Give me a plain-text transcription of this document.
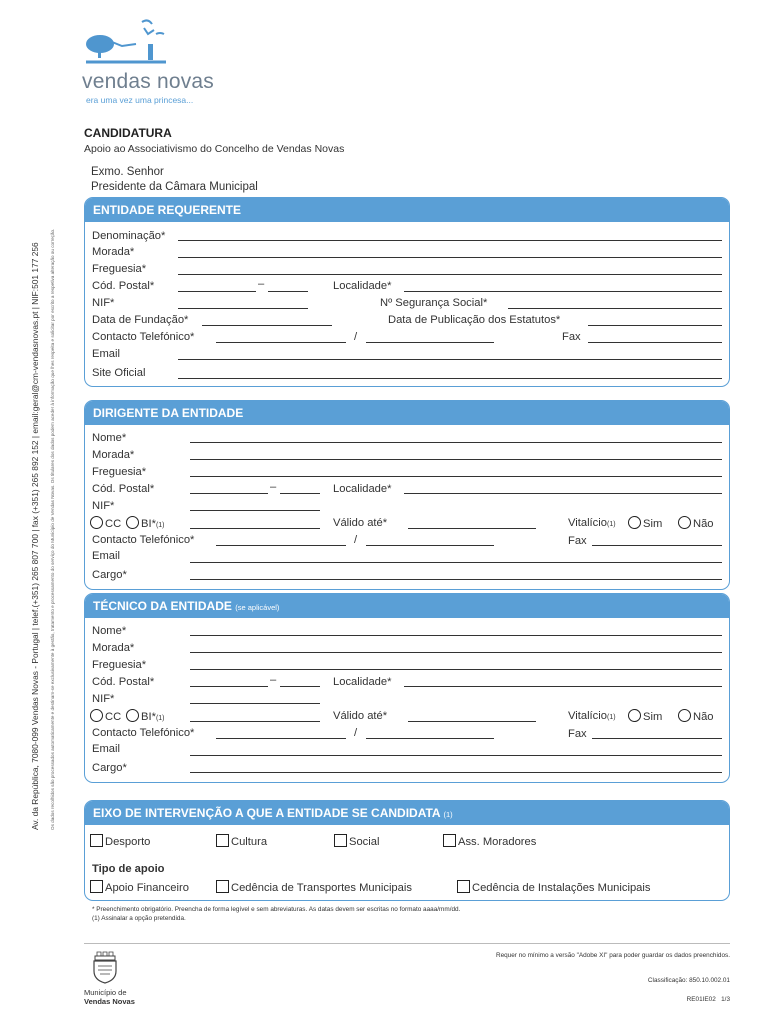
vendas novas
era uma vez uma princesa...
Av. da República, 7080-099 Vendas Novas - Portugal | telef.(+351) 265 807 700 | fax (+351) 265 892 152 | email:geral@cm-vendasnovas.pt | NIF:501 177 256 Os dados recolhidos são processados automaticamente e destinam-se exclusivamente à gestão, tratamento e processamento do serviço do Município de Vendas Novas. Os titulares dos dados podem aceder à informação que lhes respeita e solicitar por escrito a respetiva alteração ou correção.
CANDIDATURA
Apoio ao Associativismo do Concelho de Vendas Novas
Exmo. Senhor
Presidente da Câmara Municipal
ENTIDADE REQUERENTE
Denominação*
Morada*
Freguesia*
Cód. Postal*	–	Localidade*
NIF*	Nº Segurança Social*
Data de Fundação*	Data de Publicação dos Estatutos*
Contacto Telefónico*	/	Fax
Email
Site Oficial
DIRIGENTE DA ENTIDADE
Nome*
Morada*
Freguesia*
Cód. Postal*	–	Localidade*
NIF*
CC	BI*(1)	Válido até*	Vitalício(1)	Sim	Não
Contacto Telefónico*	/	Fax
Email
Cargo*
TÉCNICO DA ENTIDADE (se aplicável)
Nome*
Morada*
Freguesia*
Cód. Postal*	–	Localidade*
NIF*
CC	BI*(1)	Válido até*	Vitalício(1)	Sim	Não
Contacto Telefónico*	/	Fax
Email
Cargo*
EIXO DE INTERVENÇÃO A QUE A ENTIDADE SE CANDIDATA (1)
Desporto	Cultura	Social	Ass. Moradores
Tipo de apoio
Apoio Financeiro	Cedência de Transportes Municipais	Cedência de Instalações Municipais
* Preenchimento obrigatório. Preencha de forma legível e sem abreviaturas. As datas devem ser escritas no formato aaaa/mm/dd.
(1) Assinalar a opção pretendida.
Município de
Vendas Novas
Requer no mínimo a versão "Adobe XI" para poder guardar os dados preenchidos.
Classificação: 850.10.002.01
RE01IE02 1/3
